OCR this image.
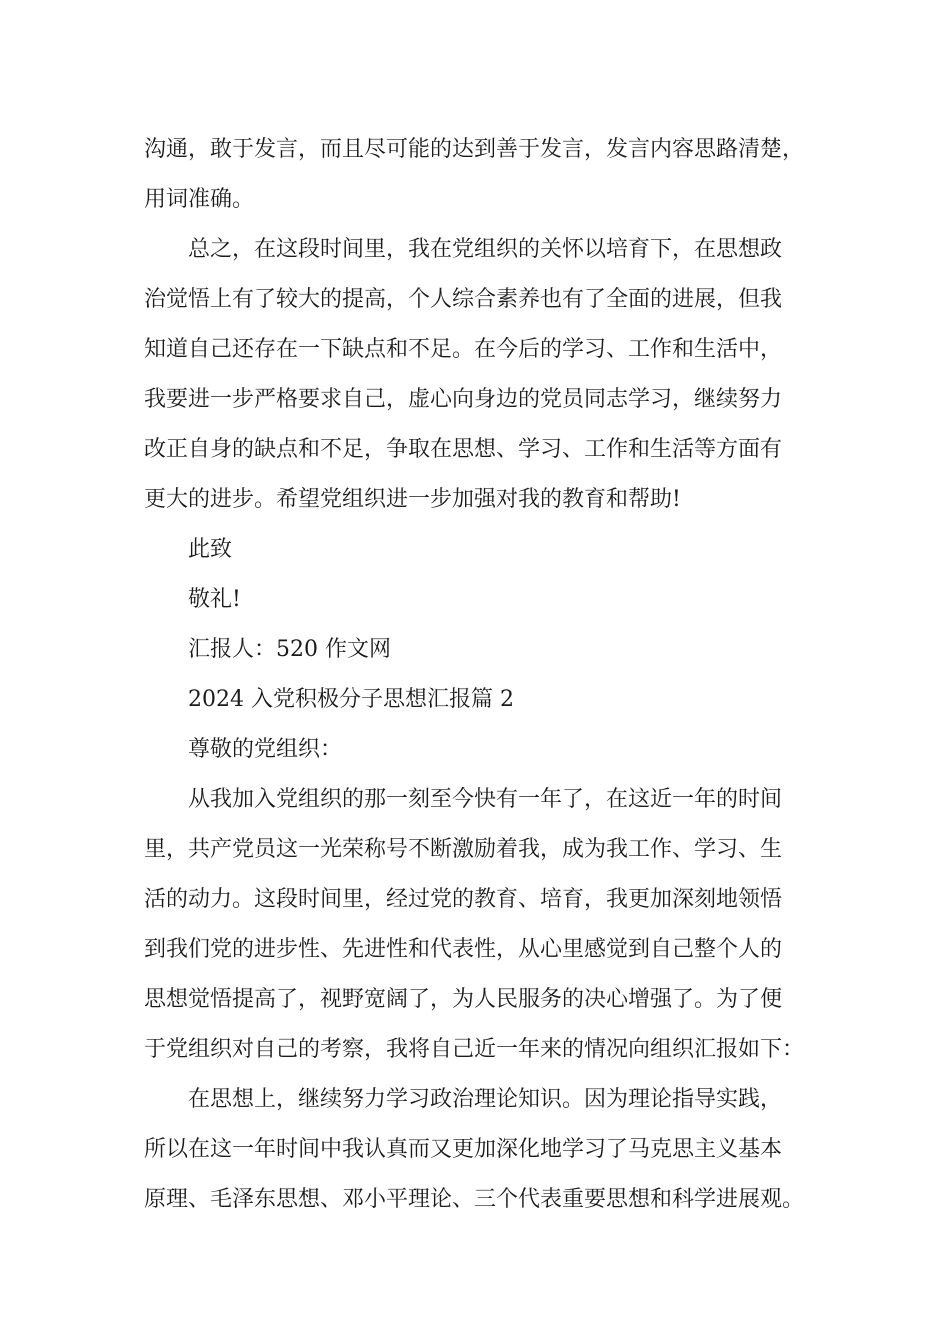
沟通，敢于发言，而且尽可能的达到善于发言，发言内容思路清楚，
用词准确。
总之，在这段时间里，我在党组织的关怀以培育下，在思想政
治觉悟上有了较大的提高，个人综合素养也有了全面的进展，但我
知道自己还存在一下缺点和不足。在今后的学习、工作和生活中，
我要进一步严格要求自己，虚心向身边的党员同志学习，继续努力
改正自身的缺点和不足，争取在思想、学习、工作和生活等方面有
更大的进步。希望党组织进一步加强对我的教育和帮助!
此致
敬礼!
汇报人：520 作文网
2024 入党积极分子思想汇报篇 2
尊敬的党组织：
从我加入党组织的那一刻至今快有一年了，在这近一年的时间
里，共产党员这一光荣称号不断激励着我，成为我工作、学习、生
活的动力。这段时间里，经过党的教育、培育，我更加深刻地领悟
到我们党的进步性、先进性和代表性，从心里感觉到自己整个人的
思想觉悟提高了，视野宽阔了，为人民服务的决心增强了。为了便
于党组织对自己的考察，我将自己近一年来的情况向组织汇报如下：
在思想上，继续努力学习政治理论知识。因为理论指导实践，
所以在这一年时间中我认真而又更加深化地学习了马克思主义基本
原理、毛泽东思想、邓小平理论、三个代表重要思想和科学进展观。
